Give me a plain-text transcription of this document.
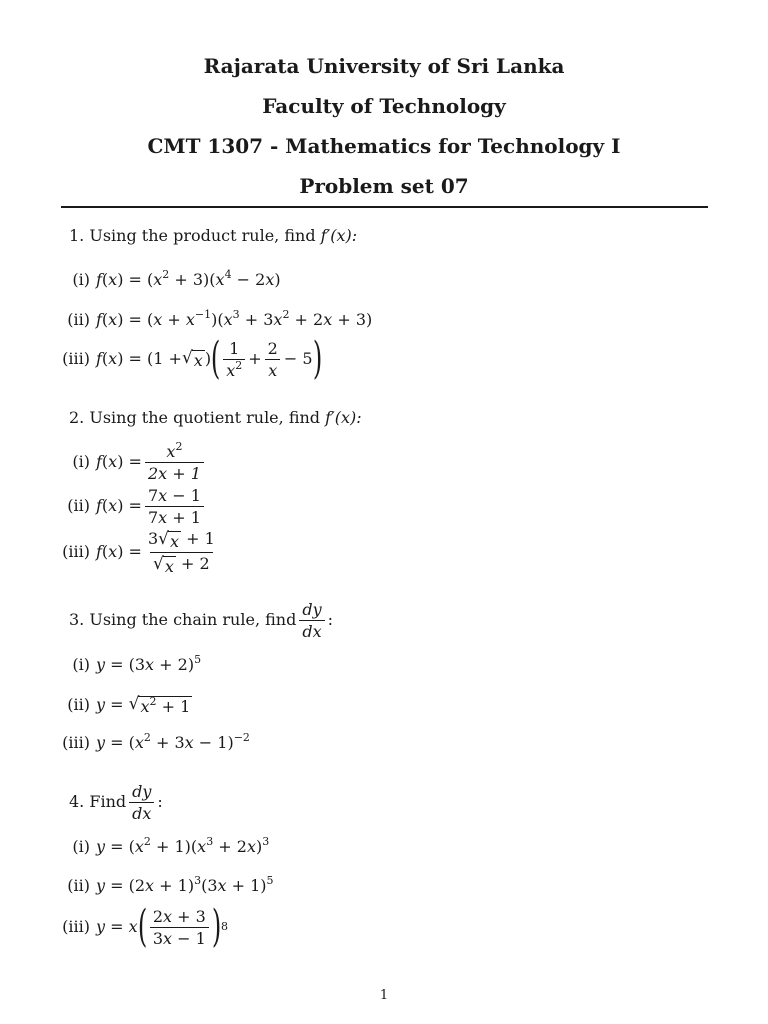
Rajarata University of Sri Lanka
Faculty of Technology
CMT 1307 - Mathematics for Technology I
Problem set 07
1. Using the product rule, find f′(x):
(i) $f(x) = (x^2 + 3)(x^4 - 2x)$
(ii) $f(x) = (x + x^{-1})(x^3 + 3x^2 + 2x + 3)$
(iii) f ( x ) = (1 + √ x ) ( $\frac{1}{x^2} + \frac{2}{x} - 5$ )
2. Using the quotient rule, find f′(x):
(i) f ( x ) = $\frac{x^2}{2x + 1}$
(ii) f ( x ) = $\frac{7x - 1}{7x + 1}$
(iii) f ( x ) = $\frac{3 √ x + 1}{√ x + 2}$
3.
Using the chain rule, find $\frac{dy}{dx}$ :
(i) $y = (3x + 2)^5$
(ii) y = √ $x^2 + 1$
(iii) $y = (x^2 + 3x - 1)^{-2}$
4.
Find $\frac{dy}{dx}$ :
(i) $y = (x^2 + 1)(x^3 + 2x)^3$
(ii) $y = (2x + 1)^3(3x + 1)^5$
(iii) y = x ( $\frac{2x + 3}{3x - 1}$ ) 8
1
